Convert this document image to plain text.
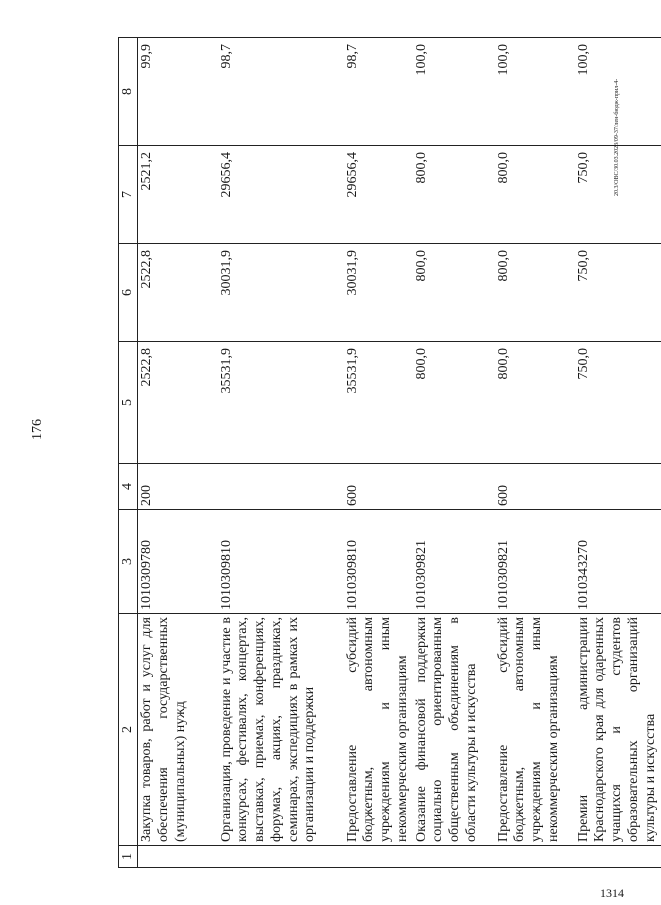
176
20.3/ОВС/30.03.2023/09-37/лен-бюдж-прил-4-
1314
1	2	3	4	5	6	7	8
	Закупка товаров, работ и услуг для обеспечения государственных (муниципальных) нужд	1010309780	200	2522,8	2522,8	2521,2	99,9
	Организация, проведение и участие в конкурсах, фестивалях, концертах, выставках, приемах, конференциях, форумах, акциях, праздниках, семинарах, экспедициях в рамках их организации и поддержки	1010309810		35531,9	30031,9	29656,4	98,7
	Предоставление субсидий бюджетным, автономным учреждениям и иным некоммерческим организациям	1010309810	600	35531,9	30031,9	29656,4	98,7
	Оказание финансовой поддержки социально ориентированным общественным объединениям в области культуры и искусства	1010309821		800,0	800,0	800,0	100,0
	Предоставление субсидий бюджетным, автономным учреждениям и иным некоммерческим организациям	1010309821	600	800,0	800,0	800,0	100,0
	Премии администрации Краснодарского края для одаренных учащихся и студентов образовательных организаций культуры и искусства	1010343270		750,0	750,0	750,0	100,0
